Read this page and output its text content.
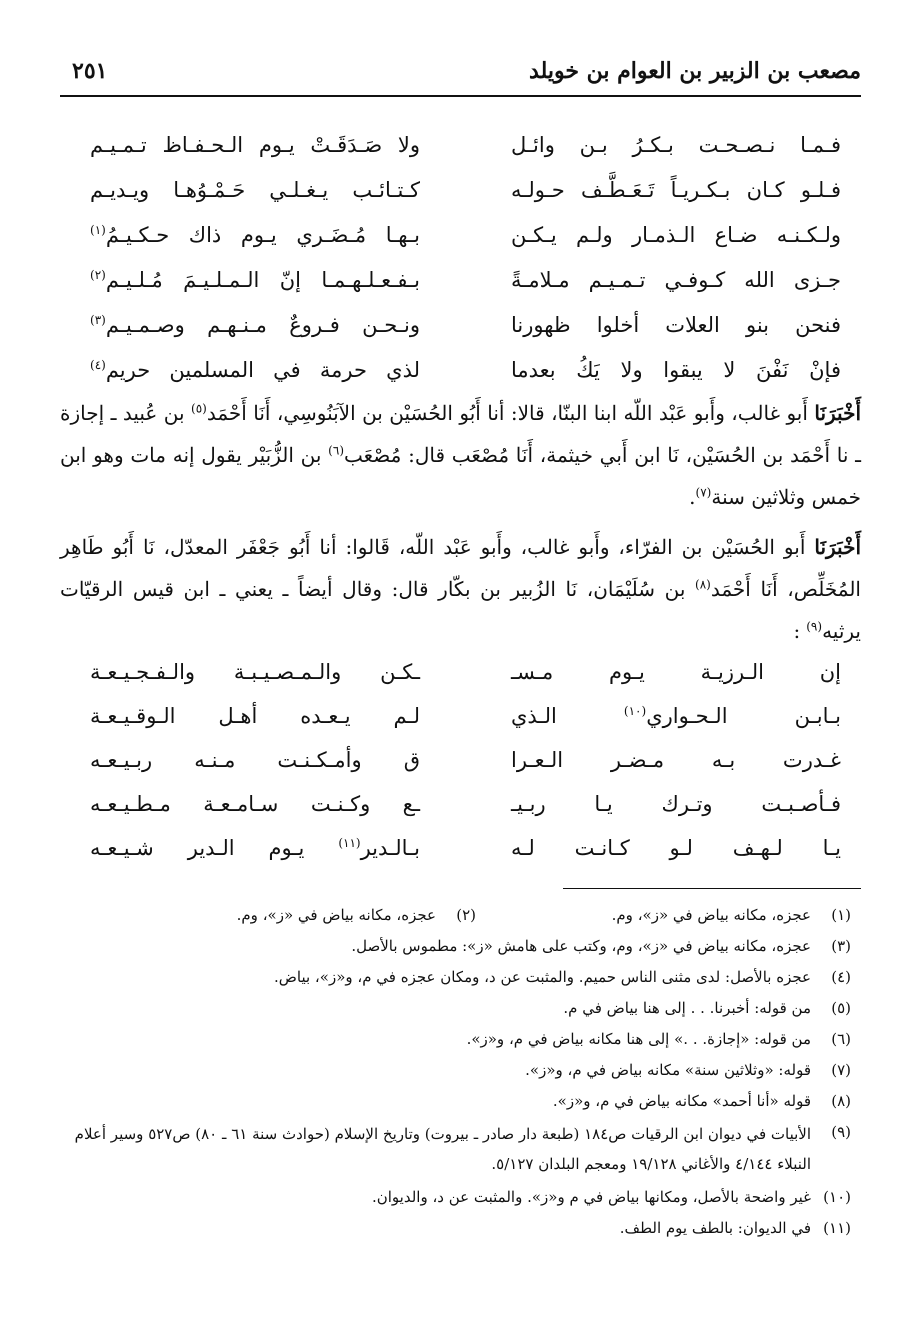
مصعب بن الزبير بن العوام بن خويلد
٢٥١
فـمـا نـصـحـت بـكـرُ بـن وائـل
ولا صَـدَقَـتْ يـوم الـحـفـاظ تـمـيـم
فـلـو كـان بـكـريـاً تَـعَـطَّـف حـولـه
كـتـائـب يـغـلـي حَـمْـوُهـا ويـديـم
ولـكـنـه ضـاع الـذمـار ولـم يـكـن
بـهـا مُـضَـري يـوم ذاك حـكـيـمُ$^{(١)}$
جـزى الله كـوفـي تـمـيـم مـلامـةً
بـفـعـلـهـمـا إنّ الـمـلـيـمَ مُـلـيـم$^{(٢)}$
فنحن بنو العلات أخلوا ظهورنا
ونـحـن فـروعٌ مـنـهـم وصـمـيـم$^{(٣)}$
فإنْ نَفْنَ لا يبقوا ولا يَكُ بعدما
لذي حرمة في المسلمين حريم$^{(٤)}$

أَخْبَرَنَا أَبو غالب، وأَبو عَبْد اللّه ابنا البنّا، قالا: أنا أَبُو الحُسَيْن بن الآبَنُوسِي، أَنَا أَحْمَد$^{(٥)}$ بن عُبيد ـ إجازة ـ نا أَحْمَد بن الحُسَيْن، نَا ابن أَبي خيثمة، أَنَا مُصْعَب قال: مُصْعَب$^{(٦)}$ بن الزُّبَيْر يقول إنه مات وهو ابن خمس وثلاثين سنة$^{(٧)}$.

أَخْبَرَنَا أَبو الحُسَيْن بن الفرّاء، وأَبو غالب، وأَبو عَبْد اللّه، قَالوا: أنا أَبُو جَعْفَر المعدّل، نَا أَبُو طَاهِر المُخَلِّص، أَنَا أَحْمَد$^{(٨)}$ بن سُلَيْمَان، نَا الزُبير بن بكّار قال: وقال أيضاً ـ يعني ـ ابن قيس الرقيّات يرثيه$^{(٩)}$:

إن الـرزيـة يـوم مـسـ
ـكـن والـمـصـيـبـة والـفـجـيـعـة
بـابـن الـحـواري$^{(١٠)}$ الـذي
لـم يـعـده أهـل الـوقـيـعـة
غـدرت بـه مـضـر الـعـرا
ق وأمـكـنـت مـنـه ربـيـعـه
فـأصـبـت وتـرك يـا ربـيـ
ـع وكـنـت سـامـعـة مـطـيـعـه
يـا لـهـف لـو كـانـت لـه
بـالـدير$^{(١١)}$ يـوم الـدير شـيـعـه
(١)
عجزه، مكانه بياض في «ز»، وم.
(٢)
عجزه، مكانه بياض في «ز»، وم.
(٣)
عجزه، مكانه بياض في «ز»، وم، وكتب على هامش «ز»: مطموس بالأصل.
(٤)
عجزه بالأصل: لدى مثنى الناس حميم. والمثبت عن د، ومكان عجزه في م، و«ز»، بياض.
(٥)
من قوله: أخبرنا. . . إلى هنا بياض في م.
(٦)
من قوله: «إجازة. . .» إلى هنا مكانه بياض في م، و«ز».
(٧)
قوله: «وثلاثين سنة» مكانه بياض في م، و«ز».
(٨)
قوله «أنا أحمد» مكانه بياض في م، و«ز».
(٩)
الأبيات في ديوان ابن الرقيات ص١٨٤ (طبعة دار صادر ـ بيروت) وتاريخ الإسلام (حوادث سنة ٦١ ـ ٨٠) ص٥٢٧ وسير أعلام النبلاء ٤/١٤٤ والأغاني ١٩/١٢٨ ومعجم البلدان ٥/١٢٧.
(١٠)
غير واضحة بالأصل، ومكانها بياض في م و«ز». والمثبت عن د، والديوان.
(١١)
في الديوان: بالطف يوم الطف.
